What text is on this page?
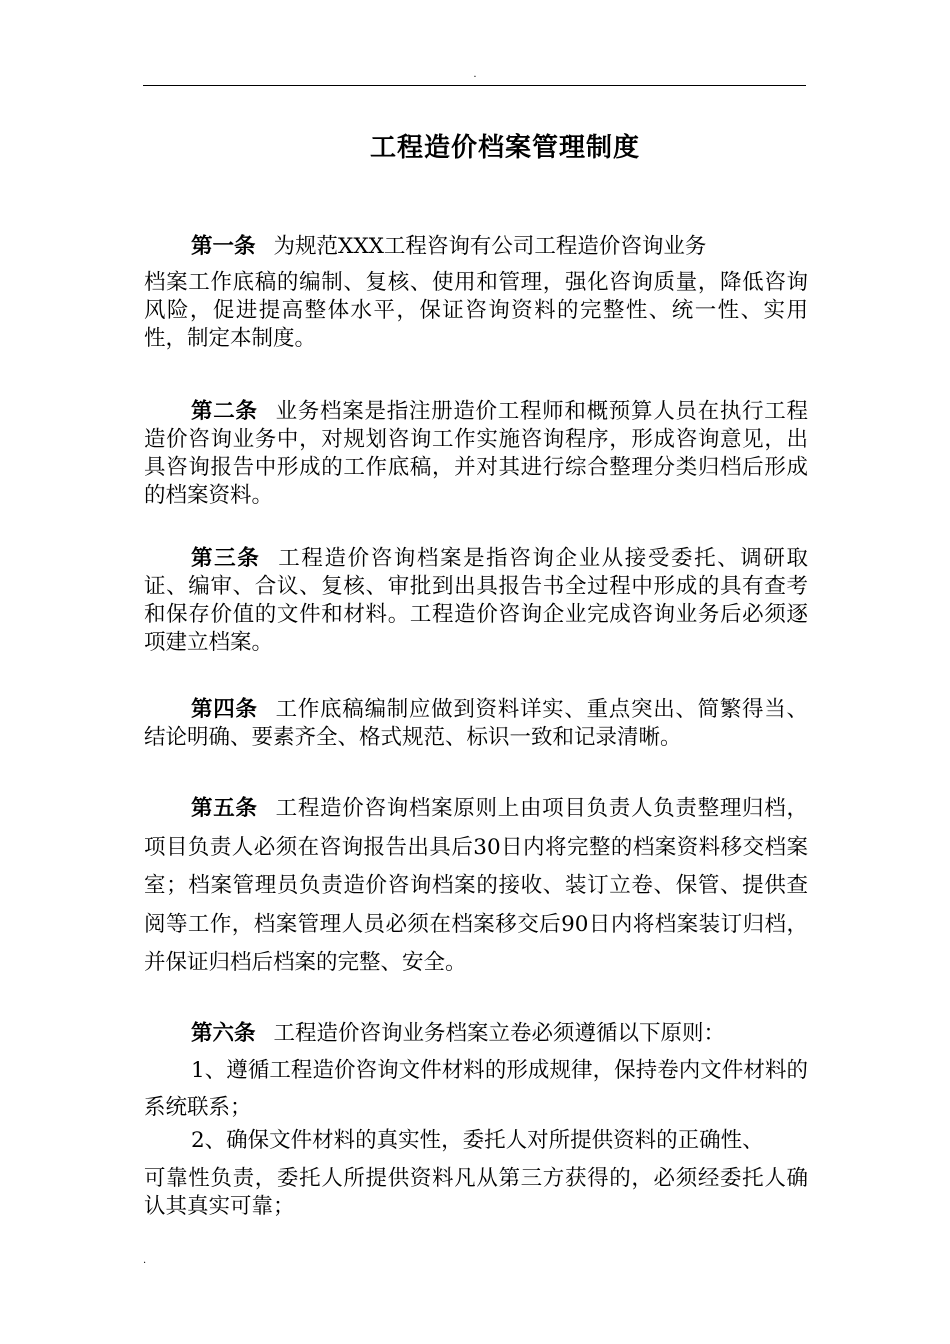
.
工程造价档案管理制度

第一条 为规范XXX工程咨询有公司工程造价咨询业务
档案工作底稿的编制、复核、使用和管理，强化咨询质量，降低咨询风险，促进提高整体水平，保证咨询资料的完整性、统一性、实用性，制定本制度。

第二条 业务档案是指注册造价工程师和概预算人员在执行工程造价咨询业务中，对规划咨询工作实施咨询程序，形成咨询意见，出具咨询报告中形成的工作底稿，并对其进行综合整理分类归档后形成的档案资料。

第三条 工程造价咨询档案是指咨询企业从接受委托、调研取证、编审、合议、复核、审批到出具报告书全过程中形成的具有查考和保存价值的文件和材料。工程造价咨询企业完成咨询业务后必须逐项建立档案。

第四条 工作底稿编制应做到资料详实、重点突出、简繁得当、结论明确、要素齐全、格式规范、标识一致和记录清晰。

第五条 工程造价咨询档案原则上由项目负责人负责整理归档，项目负责人必须在咨询报告出具后30日内将完整的档案资料移交档案室；档案管理员负责造价咨询档案的接收、装订立卷、保管、提供查阅等工作，档案管理人员必须在档案移交后90日内将档案装订归档，并保证归档后档案的完整、安全。

第六条 工程造价咨询业务档案立卷必须遵循以下原则：

1、遵循工程造价咨询文件材料的形成规律，保持卷内文件材料的系统联系；

2、确保文件材料的真实性，委托人对所提供资料的正确性、
可靠性负责，委托人所提供资料凡从第三方获得的，必须经委托人确认其真实可靠；

.
